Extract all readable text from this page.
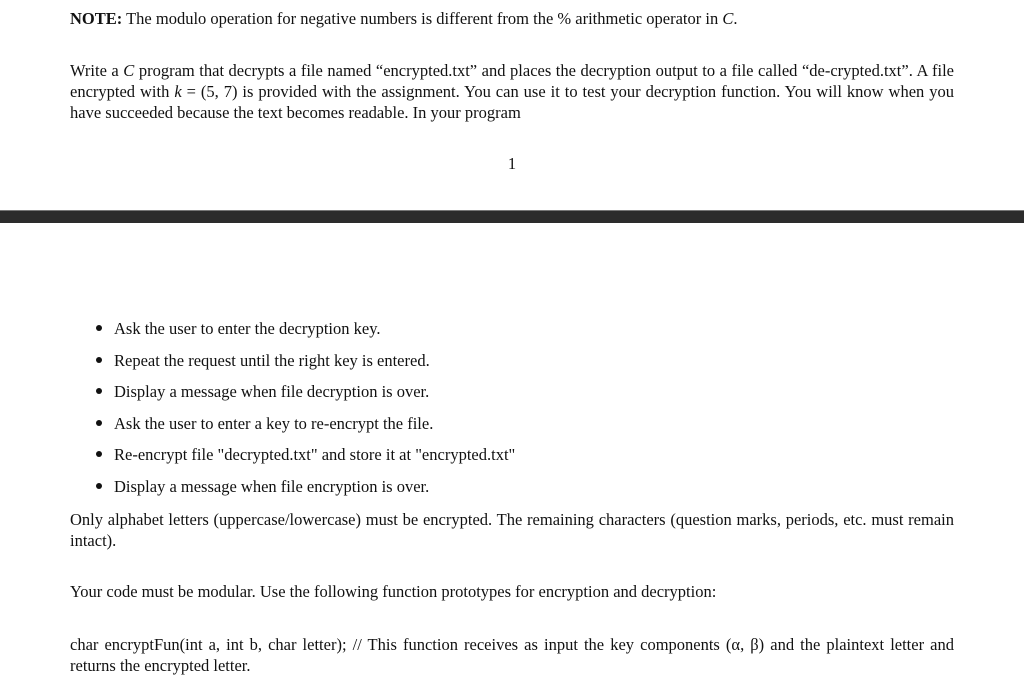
NOTE: The modulo operation for negative numbers is different from the % arithmetic operator in C.
Write a C program that decrypts a file named “encrypted.txt” and places the decryption output to a file called “de-crypted.txt”. A file encrypted with k = (5, 7) is provided with the assignment. You can use it to test your decryption function. You will know when you have succeeded because the text becomes readable. In your program
1
Ask the user to enter the decryption key.
Repeat the request until the right key is entered.
Display a message when file decryption is over.
Ask the user to enter a key to re-encrypt the file.
Re-encrypt file "decrypted.txt" and store it at "encrypted.txt"
Display a message when file encryption is over.
Only alphabet letters (uppercase/lowercase) must be encrypted. The remaining characters (question marks, periods, etc. must remain intact).
Your code must be modular. Use the following function prototypes for encryption and decryption:
char encryptFun(int a, int b, char letter); // This function receives as input the key components (α, β) and the plaintext letter and returns the encrypted letter.
